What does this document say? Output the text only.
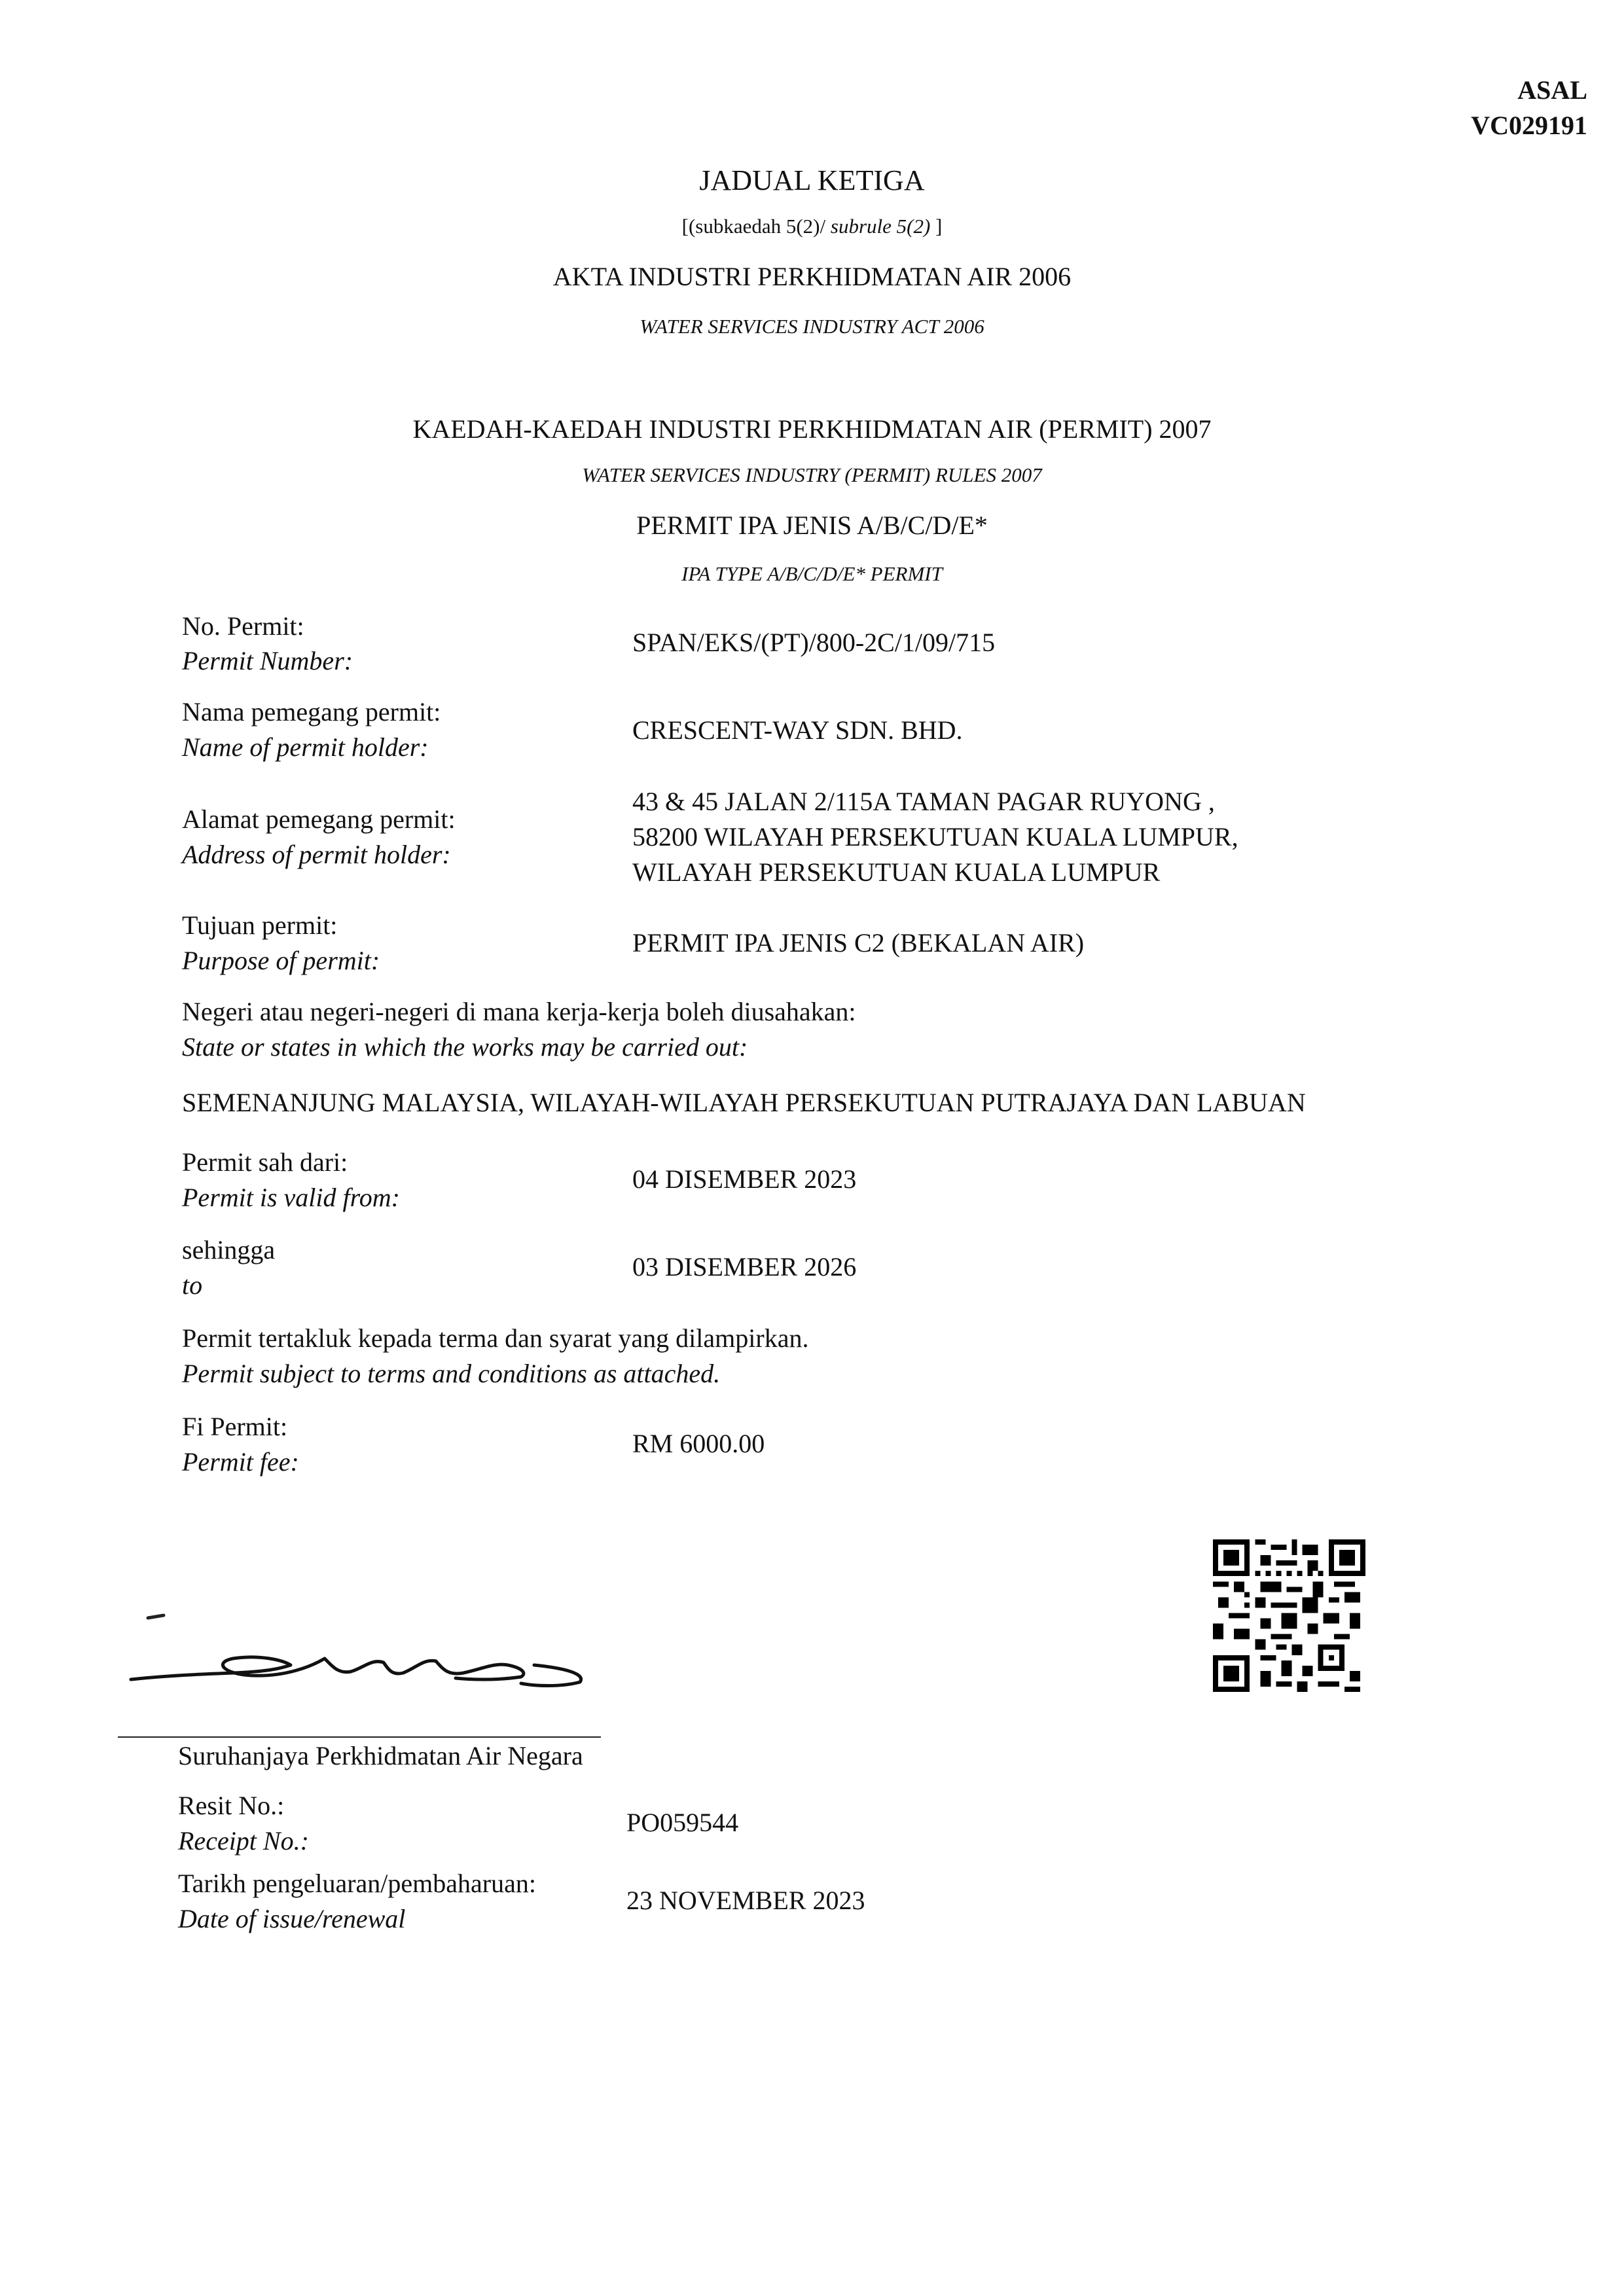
ASAL
VC029191
JADUAL KETIGA
[(subkaedah 5(2)/ subrule 5(2) ]
AKTA INDUSTRI PERKHIDMATAN AIR 2006
WATER SERVICES INDUSTRY ACT 2006
KAEDAH-KAEDAH INDUSTRI PERKHIDMATAN AIR (PERMIT) 2007
WATER SERVICES INDUSTRY (PERMIT) RULES 2007
PERMIT IPA JENIS A/B/C/D/E*
IPA TYPE A/B/C/D/E* PERMIT
No. Permit:
Permit Number:
SPAN/EKS/(PT)/800-2C/1/09/715
Nama pemegang permit:
Name of permit holder:
CRESCENT-WAY SDN. BHD.
Alamat pemegang permit:
Address of permit holder:
43 & 45 JALAN 2/115A TAMAN PAGAR RUYONG ,
58200 WILAYAH PERSEKUTUAN KUALA LUMPUR,
WILAYAH PERSEKUTUAN KUALA LUMPUR
Tujuan permit:
Purpose of permit:
PERMIT IPA JENIS C2 (BEKALAN AIR)
Negeri atau negeri-negeri di mana kerja-kerja boleh diusahakan:
State or states in which the works may be carried out:
SEMENANJUNG MALAYSIA, WILAYAH-WILAYAH PERSEKUTUAN PUTRAJAYA DAN LABUAN
Permit sah dari:
Permit is valid from:
04 DISEMBER 2023
sehingga
to
03 DISEMBER 2026
Permit tertakluk kepada terma dan syarat yang dilampirkan.
Permit subject to terms and conditions as attached.
Fi Permit:
Permit fee:
RM 6000.00
Suruhanjaya Perkhidmatan Air Negara
Resit No.:
Receipt No.:
PO059544
Tarikh pengeluaran/pembaharuan:
Date of issue/renewal
23 NOVEMBER 2023
